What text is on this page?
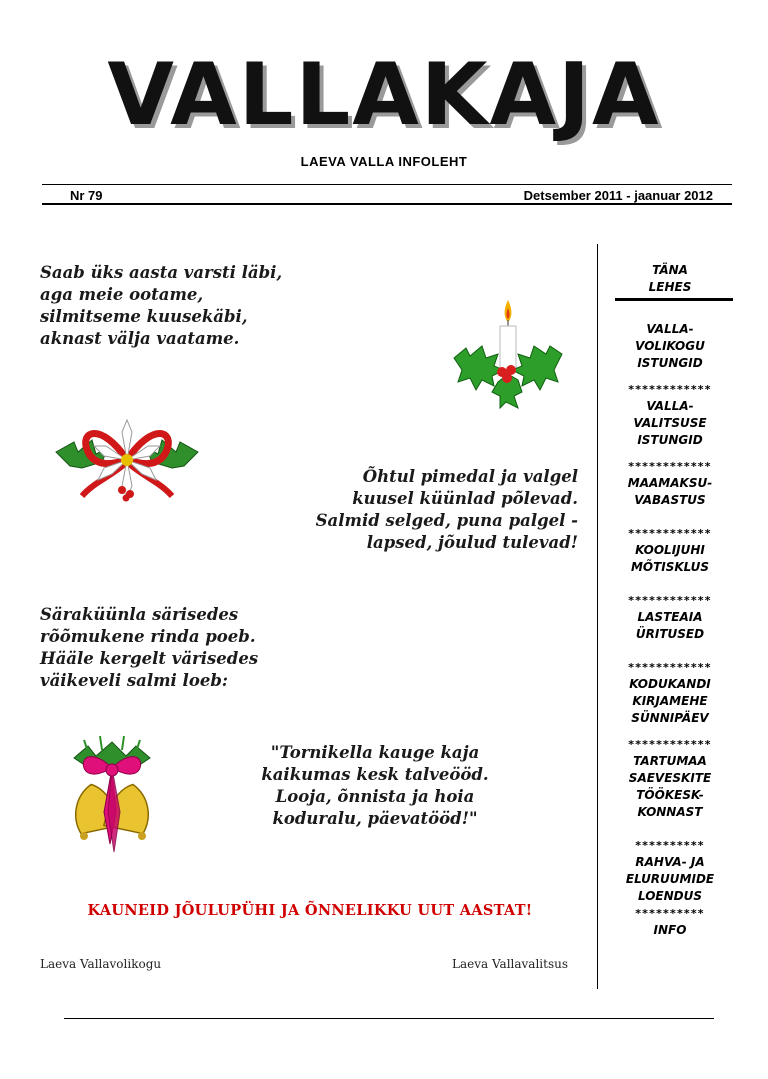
VALLAKAJA
LAEVA VALLA INFOLEHT
Nr 79	Detsember 2011 - jaanuar 2012
Saab üks aasta varsti läbi,
aga meie ootame,
silmitseme kuusekäbi,
aknast välja vaatame.
Õhtul pimedal ja valgel
kuusel küünlad põlevad.
Salmid selged, puna palgel -
lapsed, jõulud tulevad!
Säraküünla särisedes
rõõmukene rinda poeb.
Hääle kergelt värisedes
väikeveli salmi loeb:
"Tornikella kauge kaja
kaikumas kesk talveööd.
Looja, õnnista ja hoia
koduralu, päevatööd!"
KAUNEID JÕULUPÜHI JA ÕNNELIKKU UUT AASTAT!
Laeva Vallavolikogu	Laeva Vallavalitsus
TÄNA
LEHES
VALLA-
VOLIKOGU
ISTUNGID
************
VALLA-
VALITSUSE
ISTUNGID
************
MAAMAKSU-
VABASTUS
************
KOOLIJUHI
MÕTISKLUS
************
LASTEAIA
ÜRITUSED
************
KODUKANDI
KIRJAMEHE
SÜNNIPÄEV
************
TARTUMAA
SAEVESKITE
TÖÖKESK-
KONNAST
**********
RAHVA- JA
ELURUUMIDE
LOENDUS
**********
INFO
